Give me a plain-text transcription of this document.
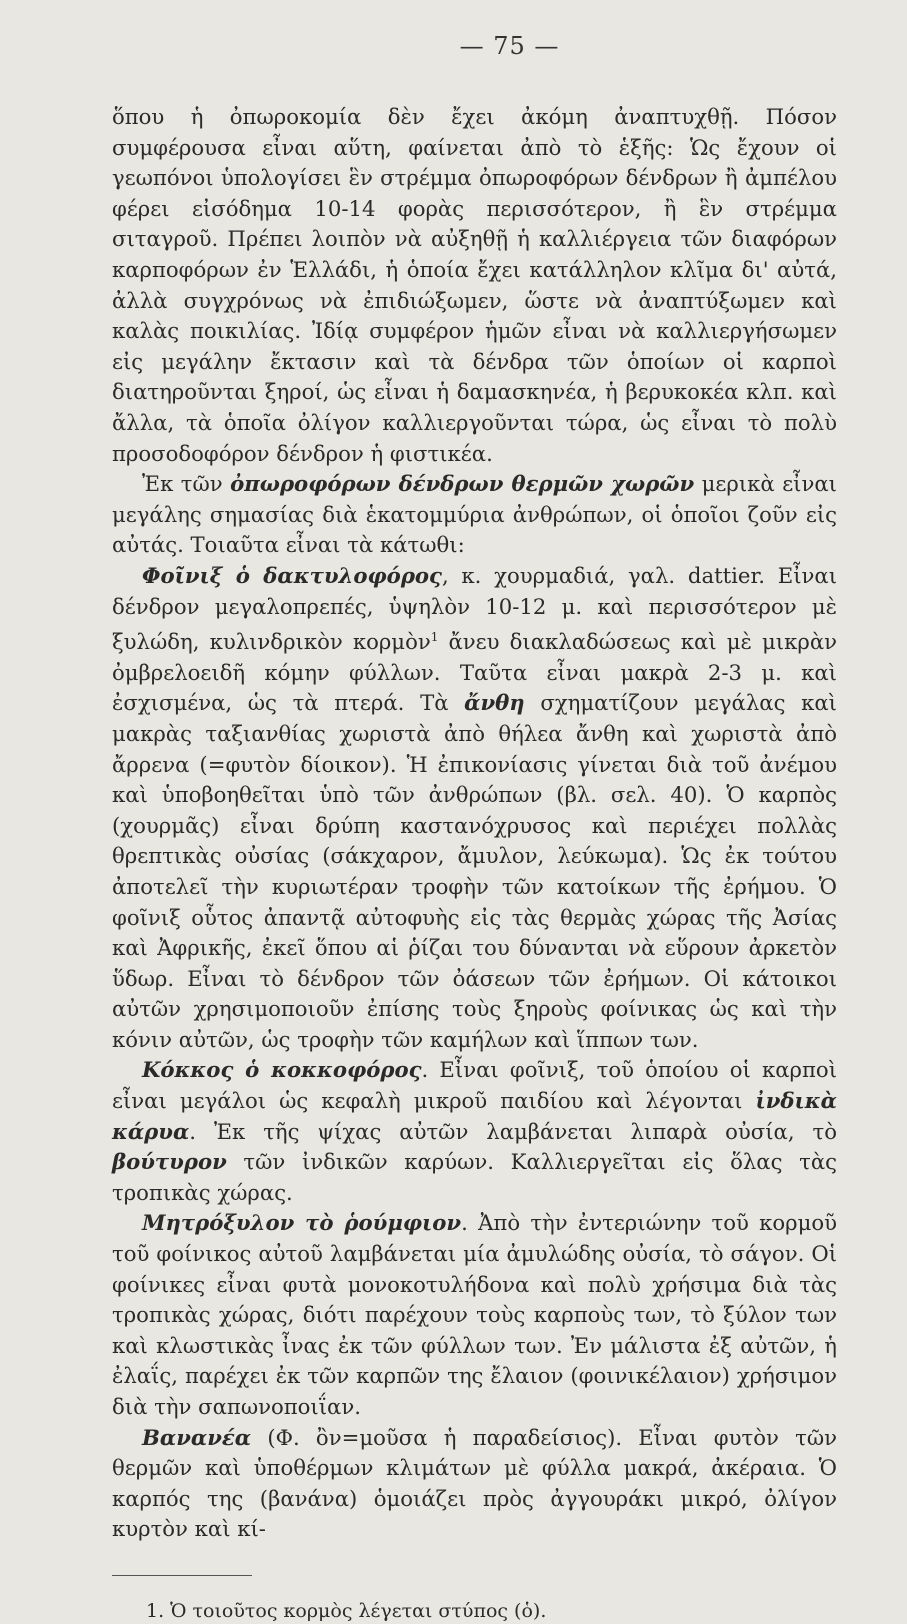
— 75 —

ὅπου ἡ ὀπωροκομία δὲν ἔχει ἀκόμη ἀναπτυχθῇ. Πόσον συμφέρουσα εἶναι αὕτη, φαίνεται ἀπὸ τὸ ἑξῆς: Ὡς ἔχουν οἱ γεωπόνοι ὑπολογίσει ἓν στρέμμα ὀπωροφόρων δένδρων ἢ ἀμπέλου φέρει εἰσόδημα 10-14 φορὰς περισσότερον, ἢ ἓν στρέμμα σιταγροῦ. Πρέπει λοιπὸν νὰ αὐξηθῇ ἡ καλλιέργεια τῶν διαφόρων καρποφόρων ἐν Ἑλλάδι, ἡ ὁποία ἔχει κατάλληλον κλῖμα δι' αὐτά, ἀλλὰ συγχρόνως νὰ ἐπιδιώξωμεν, ὥστε νὰ ἀναπτύξωμεν καὶ καλὰς ποικιλίας. Ἰδίᾳ συμφέρον ἡμῶν εἶναι νὰ καλλιεργήσωμεν εἰς μεγάλην ἔκτασιν καὶ τὰ δένδρα τῶν ὁποίων οἱ καρποὶ διατηροῦνται ξηροί, ὡς εἶναι ἡ δαμασκηνέα, ἡ βερυκοκέα κλπ. καὶ ἄλλα, τὰ ὁποῖα ὀλίγον καλλιεργοῦνται τώρα, ὡς εἶναι τὸ πολὺ προσοδοφόρον δένδρον ἡ φιστικέα.

Ἐκ τῶν ὀπωροφόρων δένδρων θερμῶν χωρῶν μερικὰ εἶναι μεγάλης σημασίας διὰ ἑκατομμύρια ἀνθρώπων, οἱ ὁποῖοι ζοῦν εἰς αὐτάς. Τοιαῦτα εἶναι τὰ κάτωθι:

Φοῖνιξ ὁ δακτυλοφόρος, κ. χουρμαδιά, γαλ. dattier. Εἶναι δένδρον μεγαλοπρεπές, ὑψηλὸν 10-12 μ. καὶ περισσότερον μὲ ξυλώδη, κυλινδρικὸν κορμὸν$^1$ ἄνευ διακλαδώσεως καὶ μὲ μικρὰν ὀμβρελοειδῆ κόμην φύλλων. Ταῦτα εἶναι μακρὰ 2-3 μ. καὶ ἐσχισμένα, ὡς τὰ πτερά. Τὰ ἄνθη σχηματίζουν μεγάλας καὶ μακρὰς ταξιανθίας χωριστὰ ἀπὸ θήλεα ἄνθη καὶ χωριστὰ ἀπὸ ἄρρενα (=φυτὸν δίοικον). Ἡ ἐπικονίασις γίνεται διὰ τοῦ ἀνέμου καὶ ὑποβοηθεῖται ὑπὸ τῶν ἀνθρώπων (βλ. σελ. 40). Ὁ καρπὸς (χουρμᾶς) εἶναι δρύπη καστανόχρυσος καὶ περιέχει πολλὰς θρεπτικὰς οὐσίας (σάκχαρον, ἄμυλον, λεύκωμα). Ὡς ἐκ τούτου ἀποτελεῖ τὴν κυριωτέραν τροφὴν τῶν κατοίκων τῆς ἐρήμου. Ὁ φοῖνιξ οὗτος ἀπαντᾷ αὐτοφυὴς εἰς τὰς θερμὰς χώρας τῆς Ἀσίας καὶ Ἀφρικῆς, ἐκεῖ ὅπου αἱ ῥίζαι του δύνανται νὰ εὕρουν ἀρκετὸν ὕδωρ. Εἶναι τὸ δένδρον τῶν ὀάσεων τῶν ἐρήμων. Οἱ κάτοικοι αὐτῶν χρησιμοποιοῦν ἐπίσης τοὺς ξηροὺς φοίνικας ὡς καὶ τὴν κόνιν αὐτῶν, ὡς τροφὴν τῶν καμήλων καὶ ἵππων των.

Κόκκος ὁ κοκκοφόρος. Εἶναι φοῖνιξ, τοῦ ὁποίου οἱ καρποὶ εἶναι μεγάλοι ὡς κεφαλὴ μικροῦ παιδίου καὶ λέγονται ἰνδικὰ κάρυα. Ἐκ τῆς ψίχας αὐτῶν λαμβάνεται λιπαρὰ οὐσία, τὸ βούτυρον τῶν ἰνδικῶν καρύων. Καλλιεργεῖται εἰς ὅλας τὰς τροπικὰς χώρας.

Μητρόξυλον τὸ ῥούμφιον. Ἀπὸ τὴν ἐντεριώνην τοῦ κορμοῦ τοῦ φοίνικος αὐτοῦ λαμβάνεται μία ἀμυλώδης οὐσία, τὸ σάγον. Οἱ φοίνικες εἶναι φυτὰ μονοκοτυλήδονα καὶ πολὺ χρήσιμα διὰ τὰς τροπικὰς χώρας, διότι παρέχουν τοὺς καρποὺς των, τὸ ξύλον των καὶ κλωστικὰς ἶνας ἐκ τῶν φύλλων των. Ἐν μάλιστα ἐξ αὐτῶν, ἡ ἐλαΐς, παρέχει ἐκ τῶν καρπῶν της ἔλαιον (φοινικέλαιον) χρήσιμον διὰ τὴν σαπωνοποιΐαν.

Βανανέα (Φ. ὂν=μοῦσα ἡ παραδείσιος). Εἶναι φυτὸν τῶν θερμῶν καὶ ὑποθέρμων κλιμάτων μὲ φύλλα μακρά, ἀκέραια. Ὁ καρπός της (βανάνα) ὁμοιάζει πρὸς ἀγγουράκι μικρό, ὀλίγον κυρτὸν καὶ κί-

1. Ὁ τοιοῦτος κορμὸς λέγεται στύπος (ὁ).
